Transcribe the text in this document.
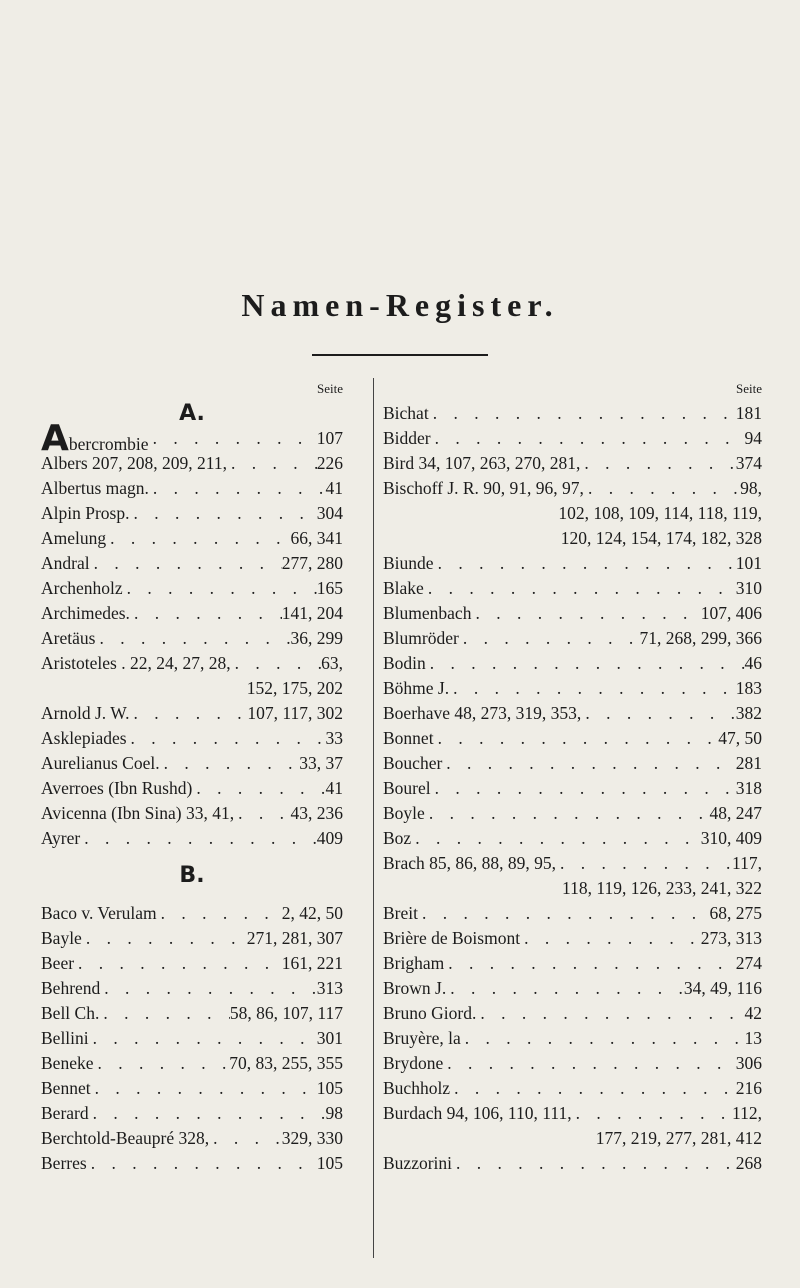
Namen-Register.
Seite
A.
Abercrombie . . .	107
Albers 207, 208, 209, 211, . . .	226
Albertus magn. . . .	41
Alpin Prosp. . . .	304
Amelung . . .	66, 341
Andral . . .	277, 280
Archenholz . . .	165
Archimedes. . . .	141, 204
Aretäus . . .	36, 299
Aristoteles . 22, 24, 27, 28, . . .	63,
152, 175, 202
Arnold J. W. . . .	107, 117, 302
Asklepiades . . .	33
Aurelianus Coel. . . .	33, 37
Averroes (Ibn Rushd) . . .	41
Avicenna (Ibn Sina) 33, 41, . . .	43, 236
Ayrer . . .	409
B.
Baco v. Verulam . . .	2, 42, 50
Bayle . . .	271, 281, 307
Beer . . .	161, 221
Behrend . . .	313
Bell Ch. . . .	58, 86, 107, 117
Bellini . . .	301
Beneke . . .	70, 83, 255, 355
Bennet . . .	105
Berard . . .	98
Berchtold-Beaupré 328, . . .	329, 330
Berres . . .	105
Seite
Bichat . . .	181
Bidder . . .	94
Bird 34, 107, 263, 270, 281, . . .	374
Bischoff J. R. 90, 91, 96, 97, . . .	98,
102, 108, 109, 114, 118, 119,
120, 124, 154, 174, 182, 328
Biunde . . .	101
Blake . . .	310
Blumenbach . . .	107, 406
Blumröder . . .	71, 268, 299, 366
Bodin . . .	46
Böhme J. . . .	183
Boerhave 48, 273, 319, 353, . . .	382
Bonnet . . .	47, 50
Boucher . . .	281
Bourel . . .	318
Boyle . . .	48, 247
Boz . . .	310, 409
Brach 85, 86, 88, 89, 95, . . .	117,
118, 119, 126, 233, 241, 322
Breit . . .	68, 275
Brière de Boismont . . .	273, 313
Brigham . . .	274
Brown J. . . .	34, 49, 116
Bruno Giord. . . .	42
Bruyère, la . . .	13
Brydone . . .	306
Buchholz . . .	216
Burdach 94, 106, 110, 111, . . .	112,
177, 219, 277, 281, 412
Buzzorini . . .	268
